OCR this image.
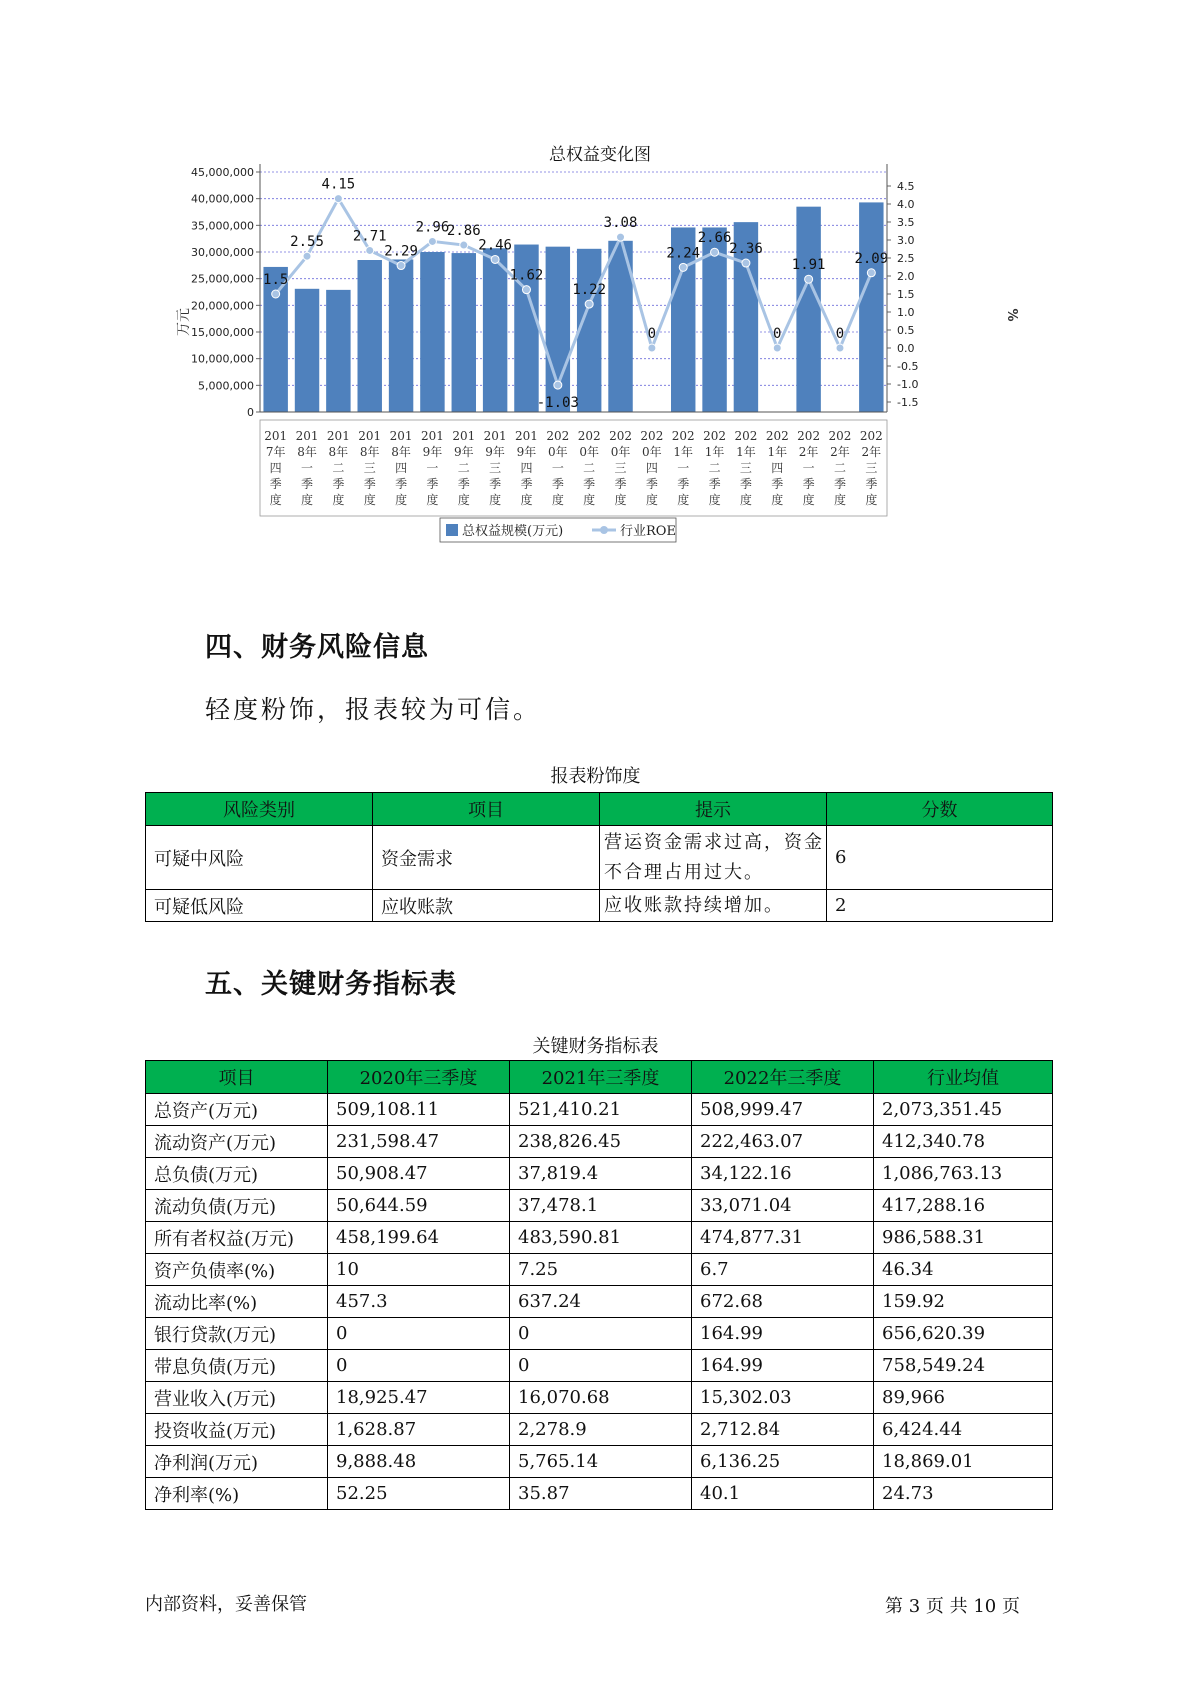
总权益变化图
45,000,000
40,000,000
35,000,000
30,000,000
25,000,000
20,000,000
15,000,000
10,000,000
5,000,000
0
4.5
4.0
3.5
3.0
2.5
2.0
1.5
1.0
0.5
0.0
-0.5
-1.0
-1.5
1.5
2.55
4.15
2.71
2.29
2.96
2.86
2.46
1.62
-1.03
1.22
3.08
0
2.24
2.66
2.36
0
1.91
0
2.09
201 7年四季度
201 8年一季度
201 8年二季度
201 8年三季度
201 8年四季度
201 9年一季度
201 9年二季度
201 9年三季度
201 9年四季度
202 0年一季度
202 0年二季度
202 0年三季度
202 0年四季度
202 1年一季度
202 1年二季度
202 1年三季度
202 1年四季度
202 2年一季度
202 2年二季度
202 2年三季度
万元	%
总权益规模(万元)	行业ROE
四、财务风险信息
轻度粉饰，报表较为可信。
报表粉饰度
风险类别	项目	提示	分数
可疑中风险	资金需求	营运资金需求过高，资金不合理占用过大。	6
可疑低风险	应收账款	应收账款持续增加。	2
五、关键财务指标表
关键财务指标表
项目	2020年三季度	2021年三季度	2022年三季度	行业均值
总资产(万元)	509,108.11	521,410.21	508,999.47	2,073,351.45
流动资产(万元)	231,598.47	238,826.45	222,463.07	412,340.78
总负债(万元)	50,908.47	37,819.4	34,122.16	1,086,763.13
流动负债(万元)	50,644.59	37,478.1	33,071.04	417,288.16
所有者权益(万元)	458,199.64	483,590.81	474,877.31	986,588.31
资产负债率(%)	10	7.25	6.7	46.34
流动比率(%)	457.3	637.24	672.68	159.92
银行贷款(万元)	0	0	164.99	656,620.39
带息负债(万元)	0	0	164.99	758,549.24
营业收入(万元)	18,925.47	16,070.68	15,302.03	89,966
投资收益(万元)	1,628.87	2,278.9	2,712.84	6,424.44
净利润(万元)	9,888.48	5,765.14	6,136.25	18,869.01
净利率(%)	52.25	35.87	40.1	24.73
内部资料，妥善保管	第 3 页 共 10 页
